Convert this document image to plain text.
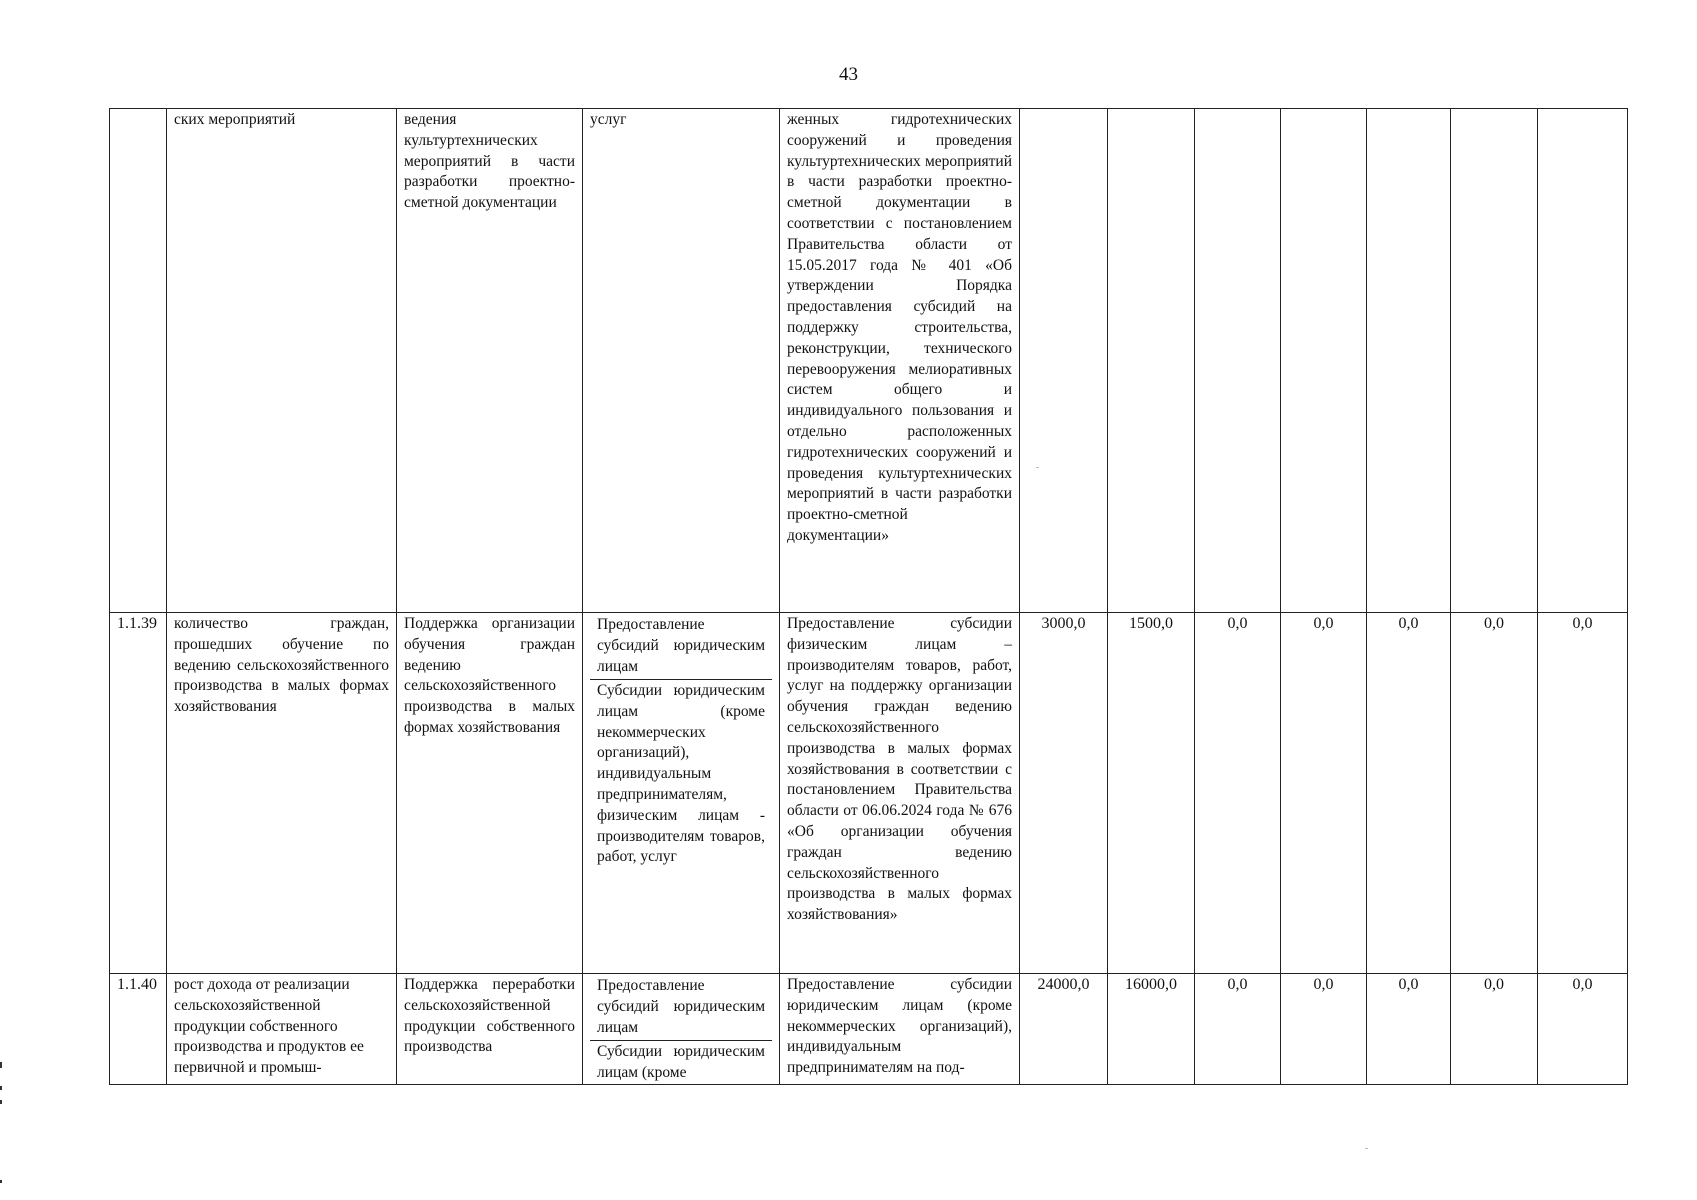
43
	ских мероприятий	ведения культуртехнических мероприятий в части разработки проектно-сметной документации	услуг	женных гидротехнических сооружений и проведения культуртехнических мероприятий в части разработки проектно-сметной документации в соответствии с постановлением Правительства области от 15.05.2017 года № 401 «Об утверждении Порядка предоставления субсидий на поддержку строительства, реконструкции, технического перевооружения мелиоративных систем общего и индивидуального пользования и отдельно расположенных гидротехнических сооружений и проведения культуртехнических мероприятий в части разработки проектно-сметной документации»							
1.1.39	количество граждан, прошедших обучение по ведению сельскохозяйственного производства в малых формах хозяйствования	Поддержка организации обучения граждан ведению сельскохозяйственного производства в малых формах хозяйствования	Предоставление субсидий юридическим лицам
Субсидии юридическим лицам (кроме некоммерческих организаций), индивидуальным предпринимателям, физическим лицам - производителям товаров, работ, услуг	Предоставление субсидии физическим лицам – производителям товаров, работ, услуг на поддержку организации обучения граждан ведению сельскохозяйственного производства в малых формах хозяйствования в соответствии с постановлением Правительства области от 06.06.2024 года № 676 «Об организации обучения граждан ведению сельскохозяйственного производства в малых формах хозяйствования»	3000,0	1500,0	0,0	0,0	0,0	0,0	0,0
1.1.40	рост дохода от реализации сельскохозяйственной продукции собственного производства и продуктов ее первичной и промыш-	Поддержка переработки сельскохозяйственной продукции собственного производства	Предоставление субсидий юридическим лицам
Субсидии юридическим лицам (кроме	Предоставление субсидии юридическим лицам (кроме некоммерческих организаций), индивидуальным предпринимателям на под-	24000,0	16000,0	0,0	0,0	0,0	0,0	0,0
